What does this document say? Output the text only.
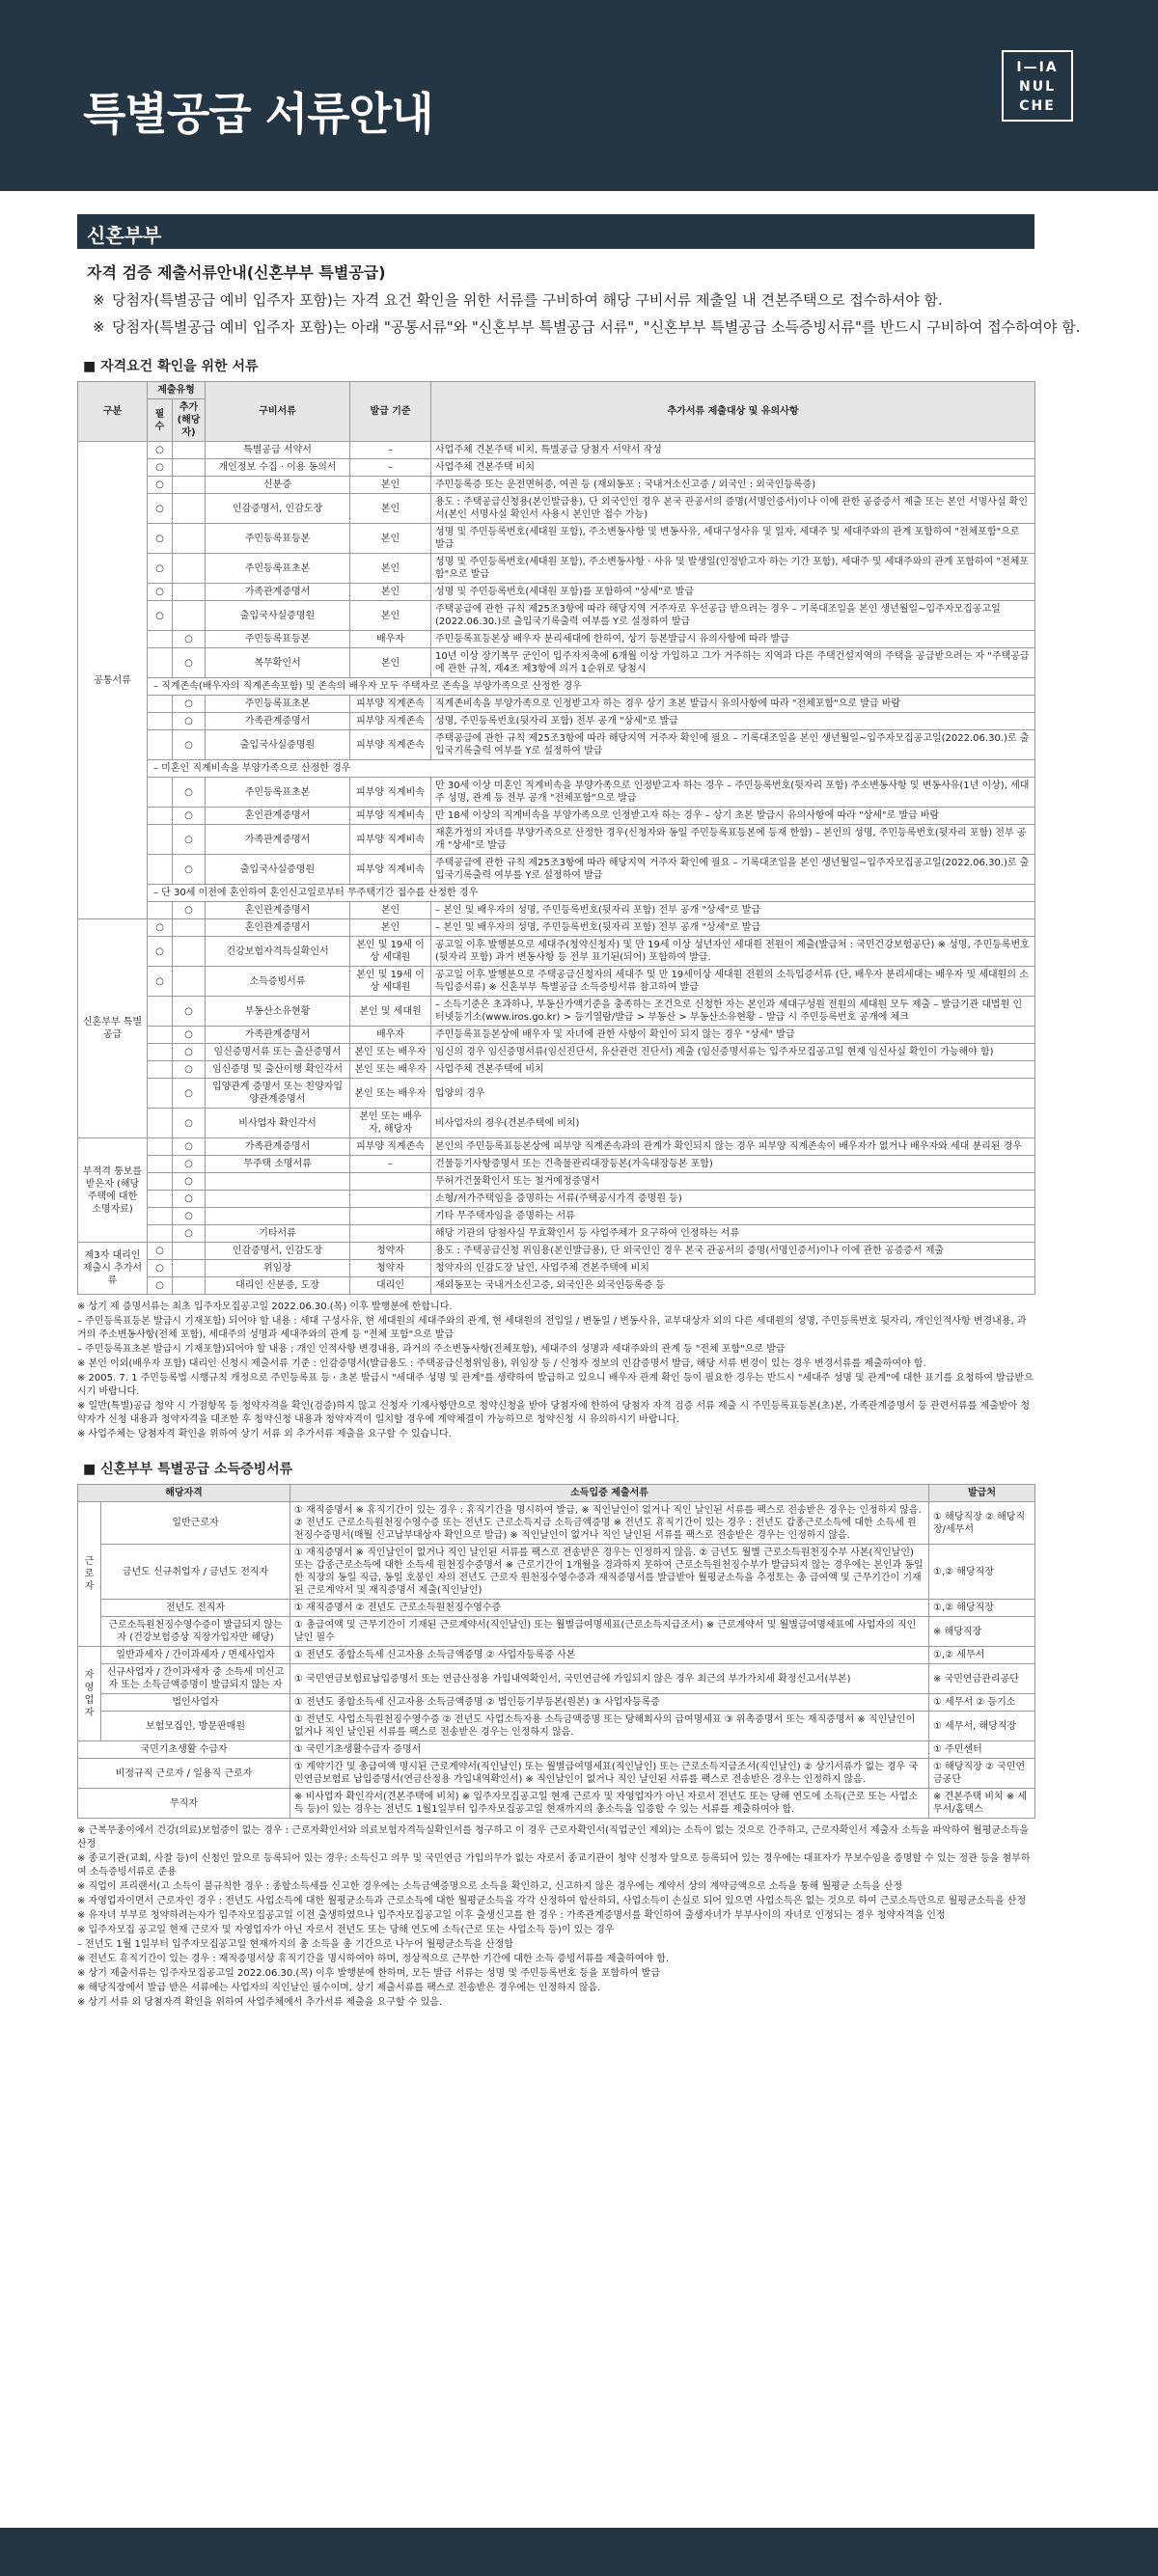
특별공급 서류안내
I—IA
NUL
CHE
신혼부부
자격 검증 제출서류안내(신혼부부 특별공급)
※ 당첨자(특별공급 예비 입주자 포함)는 자격 요건 확인을 위한 서류를 구비하여 해당 구비서류 제출일 내 견본주택으로 접수하셔야 함.
※ 당첨자(특별공급 예비 입주자 포함)는 아래 "공통서류"와 "신혼부부 특별공급 서류", "신혼부부 특별공급 소득증빙서류"를 반드시 구비하여 접수하여야 함.
■ 자격요건 확인을 위한 서류
구분	제출유형		구비서류	발급 기준	추가서류 제출대상 및 유의사항
	필수	추가(해당자)			
공통서류	○		특별공급 서약서	–	사업주체 견본주택 비치, 특별공급 당첨자 서약서 작성
	○		개인정보 수집 · 이용 동의서	–	사업주체 견본주택 비치
	○		신분증	본인	주민등록증 또는 운전면허증, 여권 등 (재외동포 : 국내거소신고증 / 외국인 : 외국인등록증)
	○		인감증명서, 인감도장	본인	용도 : 주택공급신청용(본인발급용), 단 외국인인 경우 본국 관공서의 증명(서명인증서)이나 이에 관한 공증증서 제출 또는 본인 서명사실 확인서(본인 서명사실 확인서 사용시 본인만 접수 가능)
	○		주민등록표등본	본인	성명 및 주민등록번호(세대원 포함), 주소변동사항 및 변동사유, 세대구성사유 및 일자, 세대주 및 세대주와의 관계 포함하여 "전체포함"으로 발급
	○		주민등록표초본	본인	성명 및 주민등록번호(세대원 포함), 주소변동사항 · 사유 및 발생일(인정받고자 하는 기간 포함), 세대주 및 세대주와의 관계 포함하여 "전체포함"으로 발급
	○		가족관계증명서	본인	성명 및 주민등록번호(세대원 포함)를 포함하여 "상세"로 발급
	○		출입국사실증명원	본인	주택공급에 관한 규칙 제25조3항에 따라 해당지역 거주자로 우선공급 받으려는 경우 – 기록대조일을 본인 생년월일~입주자모집공고일(2022.06.30.)로 출입국기록출력 여부를 Y로 설정하여 발급
		○	주민등록표등본	배우자	주민등록표등본상 배우자 분리세대에 한하여, 상기 등본발급시 유의사항에 따라 발급
		○	복무확인서	본인	10년 이상 장기복무 군인이 입주자저축에 6개월 이상 가입하고 그가 거주하는 지역과 다른 주택건설지역의 주택을 공급받으려는 자 "주택공급에 관한 규칙, 제4조 제3항에 의거 1순위로 당첨시
	– 직계존속(배우자의 직계존속포함) 및 존속의 배우자 모두 주택자로 존속을 부양가족으로 산정한 경우				
		○	주민등록표초본	피부양 직계존속	직계존비속을 부양가족으로 인정받고자 하는 경우 상기 초본 발급시 유의사항에 따라 "전체포함"으로 발급 바람
		○	가족관계증명서	피부양 직계존속	성명, 주민등록번호(뒷자리 포함) 전부 공개 "상세"로 발급
		○	출입국사실증명원	피부양 직계존속	주택공급에 관한 규칙 제25조3항에 따라 해당지역 거주자 확인에 필요 – 기록대조일을 본인 생년월일~입주자모집공고일(2022.06.30.)로 출입국기록출력 여부를 Y로 설정하여 발급
	– 미혼인 직계비속을 부양가족으로 산정한 경우				
		○	주민등록표초본	피부양 직계비속	만 30세 이상 미혼인 직계비속을 부양가족으로 인정받고자 하는 경우 – 주민등록번호(뒷자리 포함) 주소변동사항 및 변동사유(1년 이상), 세대주 성명, 관계 등 전부 공개 "전체포함"으로 발급
		○	혼인관계증명서	피부양 직계비속	만 18세 이상의 직계비속을 부양가족으로 인정받고자 하는 경우 – 상기 초본 발급시 유의사항에 따라 "상세"로 발급 바람
		○	가족관계증명서	피부양 직계비속	재혼가정의 자녀를 부양가족으로 산정한 경우(신청자와 동일 주민등록표등본에 등재 한함) – 본인의 성명, 주민등록번호(뒷자리 포함) 전부 공개 "상세"로 발급
		○	출입국사실증명원	피부양 직계비속	주택공급에 관한 규칙 제25조3항에 따라 해당지역 거주자 확인에 필요 – 기록대조일을 본인 생년월일~입주자모집공고일(2022.06.30.)로 출입국기록출력 여부를 Y로 설정하여 발급
	– 단 30세 이전에 혼인하여 혼인신고일로부터 무주택기간 접수를 산정한 경우				
		○	혼인관계증명서	본인	– 본인 및 배우자의 성명, 주민등록번호(뒷자리 포함) 전부 공개 "상세"로 발급
신혼부부 특별공급	○		혼인관계증명서	본인	– 본인 및 배우자의 성명, 주민등록번호(뒷자리 포함) 전부 공개 "상세"로 발급
	○		건강보험자격득실확인서	본인 및 19세 이상 세대원	공고일 이후 발행분으로 세대주(청약신청자) 및 만 19세 이상 성년자인 세대원 전원이 제출(발급처 : 국민건강보험공단) ※ 성명, 주민등록번호(뒷자리 포함) 과거 변동사항 등 전부 표기된(되어) 포함하여 발급.
	○		소득증빙서류	본인 및 19세 이상 세대원	공고일 이후 발행분으로 주택공급신청자의 세대주 및 만 19세이상 세대원 전원의 소득입증서류 (단, 배우자 분리세대는 배우자 및 세대원의 소득입증서류) ※ 신혼부부 특별공급 소득증빙서류 참고하여 발급
		○	부동산소유현황	본인 및 세대원	– 소득기준은 초과하나, 부동산가액기준을 충족하는 조건으로 신청한 자는 본인과 세대구성원 전원의 세대원 모두 제출 – 발급기관 대법원 인터넷등기소(www.iros.go.kr) > 등기열람/발급 > 부동산 > 부동산소유현황 – 발급 시 주민등록번호 공개에 체크
		○	가족관계증명서	배우자	주민등록표등본상에 배우자 및 자녀에 관한 사항이 확인이 되지 않는 경우 "상세" 발급
		○	임신증명서류 또는 출산증명서	본인 또는 배우자	임신의 경우 임신증명서류(임신진단서, 유산관련 진단서) 제출 (임신증명서류는 입주자모집공고일 현재 임신사실 확인이 가능해야 함)
		○	임신증명 및 출산이행 확인각서	본인 또는 배우자	사업주체 견본주택에 비치
		○	입양관계 증명서 또는 친양자입양관계증명서	본인 또는 배우자	입양의 경우
		○	비사업자 확인각서	본인 또는 배우자, 해당자	비사업자의 경우(견본주택에 비치)
부적격 통보를 받은자 (해당주택에 대한 소명자료)		○	가족관계증명서	피부양 직계존속	본인의 주민등록표등본상에 피부양 직계존속과의 관계가 확인되지 않는 경우 피부양 직계존속이 배우자가 없거나 배우자와 세대 분리된 경우
		○	무주택 소명서류	–	건물등기사항증명서 또는 건축물관리대장등본(가옥대장등본 포함)
		○			무허가건물확인서 또는 철거예정증명서
		○			소형/저가주택임을 증명하는 서류(주택공시가격 증명원 등)
		○			기타 무주택자임을 증명하는 서류
		○	기타서류		해당 기관의 당첨사실 무효확인서 등 사업주체가 요구하여 인정하는 서류
제3자 대리인 제출시 추가서류	○		인감증명서, 인감도장	청약자	용도 : 주택공급신청 위임용(본인발급용), 단 외국인인 경우 본국 관공서의 증명(서명인증서)이나 이에 관한 공증증서 제출
	○		위임장	청약자	청약자의 인감도장 날인, 사업주체 견본주택에 비치
	○		대리인 신분증, 도장	대리인	재외동포는 국내거소신고증, 외국인은 외국인등록증 등

※ 상기 제 증명서류는 최초 입주자모집공고일 2022.06.30.(목) 이후 발행분에 한합니다.

– 주민등록표등본 발급시 기재포함) 되어야 할 내용 : 세대 구성사유, 현 세대원의 세대주와의 관계, 현 세대원의 전입일 / 변동일 / 변동사유, 교부대상자 외의 다른 세대원의 성명, 주민등록번호 뒷자리, 개인인적사항 변경내용, 과거의 주소변동사항(전체 포함), 세대주의 성명과 세대주와의 관계 등 "전체 포함"으로 발급

– 주민등록표초본 발급시 기재포함)되어야 할 내용 : 개인 인적사항 변경내용, 과거의 주소변동사항(전체포함), 세대주의 성명과 세대주와의 관계 등 "전체 포함"으로 발급

※ 본인 이외(배우자 포함) 대리인 신청시 제출서류 기준 : 인감증명서(발급용도 : 주택공급신청위임용), 위임장 등 / 신청자 정보의 인감증명서 발급, 해당 서류 변경이 있는 경우 변경서류를 제출하여야 함.

※ 2005. 7. 1 주민등록법 시행규칙 개정으로 주민등록표 등 · 초본 발급시 "세대주 성명 및 관계"를 생략하여 발급하고 있으니 배우자 관계 확인 등이 필요한 경우는 반드시 "세대주 성명 및 관계"에 대한 표기를 요청하여 발급받으시기 바랍니다.

※ 일반(특별)공급 청약 시 가점항목 등 청약자격을 확인(검증)하지 않고 신청자 기재사항만으로 청약신청을 받아 당첨자에 한하여 당첨자 자격 검증 서류 제출 시 주민등록표등본(초)본, 가족관계증명서 등 관련서류를 제출받아 청약자가 신청 내용과 청약자격을 대조한 후 청약신청 내용과 청약자격이 일치할 경우에 계약체결이 가능하므로 청약신청 시 유의하시기 바랍니다.

※ 사업주체는 당첨자격 확인을 위하여 상기 서류 외 추가서류 제출을 요구할 수 있습니다.

■ 신혼부부 특별공급 소득증빙서류
해당자격		소득입증 제출서류	발급처
근로자	일반근로자	① 재직증명서 ※ 휴직기간이 있는 경우 : 휴직기간을 명시하여 발급, ※ 직인날인이 없거나 직인 날인된 서류를 팩스로 전송받은 경우는 인정하지 않음. ② 전년도 근로소득원천징수영수증 또는 전년도 근로소득지급 소득금액증명 ※ 전년도 휴직기간이 있는 경우 : 전년도 갑종근로소득에 대한 소득세 원천징수증명서(매월 신고납부대상자 확인으로 발급) ※ 직인날인이 없거나 직인 날인된 서류를 팩스로 전송받은 경우는 인정하지 않음.	① 해당직장 ② 해당직장/세무서
	금년도 신규취업자 / 금년도 전직자	① 재직증명서 ※ 직인날인이 없거나 직인 날인된 서류를 팩스로 전송받은 경우는 인정하지 않음. ② 금년도 월별 근로소득원천징수부 사본(직인날인) 또는 갑종근로소득에 대한 소득세 원천징수증명서 ※ 근로기간이 1개월을 경과하지 못하여 근로소득원천징수부가 발급되지 않는 경우에는 본인과 동일한 직장의 동일 직급, 동일 호봉인 자의 전년도 근로자 원천징수영수증과 재직증명서를 발급받아 월평균소득을 추정토는 총 급여액 및 근무기간이 기재된 근로계약서 및 재직증명서 제출(직인날인)	①,② 해당직장
	전년도 전직자	① 재직증명서 ② 전년도 근로소득원천징수영수증	①,② 해당직장
	근로소득원천징수영수증이 발급되지 않는 자 (건강보험증상 직장가입자만 해당)	① 총급여액 및 근무기간이 기재된 근로계약서(직인날인) 또는 월별급여명세표(근로소득지급조서) ※ 근로계약서 및 월별급여명세표에 사업자의 직인날인 필수	※ 해당직장
자영업자	일반과세자 / 간이과세자 / 면세사업자	① 전년도 종합소득세 신고자용 소득금액증명 ② 사업자등록증 사본	①,② 세무서
	신규사업자 / 간이과세자 중 소득세 미신고자 또는 소득금액증명이 발급되지 않는 자	① 국민연금보험료납입증명서 또는 연금산정용 가입내역확인서, 국민연금에 가입되지 않은 경우 최근의 부가가치세 확정신고서(부본)	※ 국민연금관리공단
	법인사업자	① 전년도 종합소득세 신고자용 소득금액증명 ② 법인등기부등본(원본) ③ 사업자등록증	① 세무서 ② 등기소
	보험모집인, 방문판매원	① 전년도 사업소득원천징수영수증 ② 전년도 사업소득자용 소득금액증명 또는 당해회사의 급여명세표 ③ 위촉증명서 또는 재직증명서 ※ 직인날인이 없거나 직인 날인된 서류를 팩스로 전송받은 경우는 인정하지 않음.	① 세무서, 해당직장
국민기초생활 수급자		① 국민기초생활수급자 증명서	① 주민센터
비정규직 근로자 / 일용직 근로자		① 계약기간 및 총급여액 명시된 근로계약서(직인날인) 또는 월별급여명세표(직인날인) 또는 근로소득지급조서(직인날인) ② 상기서류가 없는 경우 국민연금보험료 납입증명서(연금산정용 가입내역확인서) ※ 직인날인이 없거나 직인 날인된 서류를 팩스로 전송받은 경우는 인정하지 않음.	① 해당직장 ② 국민연금공단
무직자		※ 비사업자 확인각서(견본주택에 비치) ※ 입주자모집공고일 현재 근로자 및 자영업자가 아닌 자로서 전년도 또는 당해 연도에 소득(근로 또는 사업소득 등)이 있는 경우는 전년도 1월1일부터 입주자모집공고일 현재까지의 총소득을 입증할 수 있는 서류를 제출하여야 함.	※ 견본주택 비치 ※ 세무서/홈택스

※ 근복무종이에서 건강(의료)보험증이 없는 경우 : 근로자확인서와 의료보험자격득실확인서를 청구하고 이 경우 근로자확인서(직업군인 제외)는 소득이 없는 것으로 간주하고, 근로자확인서 제출자 소득을 파악하여 월평균소득을 산정

※ 종교기관(교회, 사찰 등)이 신청인 앞으로 등록되어 있는 경우: 소득신고 의무 및 국민연금 가입의무가 없는 자로서 종교기관이 청약 신청자 앞으로 등록되어 있는 경우에는 대표자가 무보수임을 증명할 수 있는 정관 등을 첨부하여 소득증빙서류로 준용

※ 직업이 프리랜서(고 소득이 불규칙한 경우 : 종합소득세를 신고한 경우에는 소득금액증명으로 소득을 확인하고, 신고하지 않은 경우에는 계약서 상의 계약금액으로 소득을 통해 월평균 소득을 산정

※ 자영업자이면서 근로자인 경우 : 전년도 사업소득에 대한 월평균소득과 근로소득에 대한 월평균소득을 각각 산정하여 합산하되, 사업소득이 손실로 되어 있으면 사업소득은 없는 것으로 하여 근로소득만으로 월평균소득을 산정

※ 유자녀 부부로 청약하려는자가 입주자모집공고일 이전 출생하였으나 입주자모집공고일 이후 출생신고를 한 경우 : 가족관계증명서를 확인하여 출생자녀가 부부사이의 자녀로 인정되는 경우 청약자격을 인정

※ 입주자모집 공고일 현재 근로자 및 자영업자가 아닌 자로서 전년도 또는 당해 연도에 소득(근로 또는 사업소득 등)이 있는 경우

– 전년도 1월 1일부터 입주자모집공고일 현재까지의 총 소득을 총 기간으로 나누어 월평균소득을 산정함

※ 전년도 휴직기간이 있는 경우 : 재직증명서상 휴직기간을 명시하여야 하며, 정상적으로 근무한 기간에 대한 소득 증빙서류를 제출하여야 함.

※ 상기 제출서류는 입주자모집공고일 2022.06.30.(목) 이후 발행분에 한하며, 모든 발급 서류는 성명 및 주민등록번호 등을 포함하여 발급

※ 해당직장에서 발급 받은 서류에는 사업자의 직인날인 필수이며, 상기 제출서류를 팩스로 전송받은 경우에는 인정하지 않음.

※ 상기 서류 외 당첨자격 확인을 위하여 사업주체에서 추가서류 제출을 요구할 수 있음.
